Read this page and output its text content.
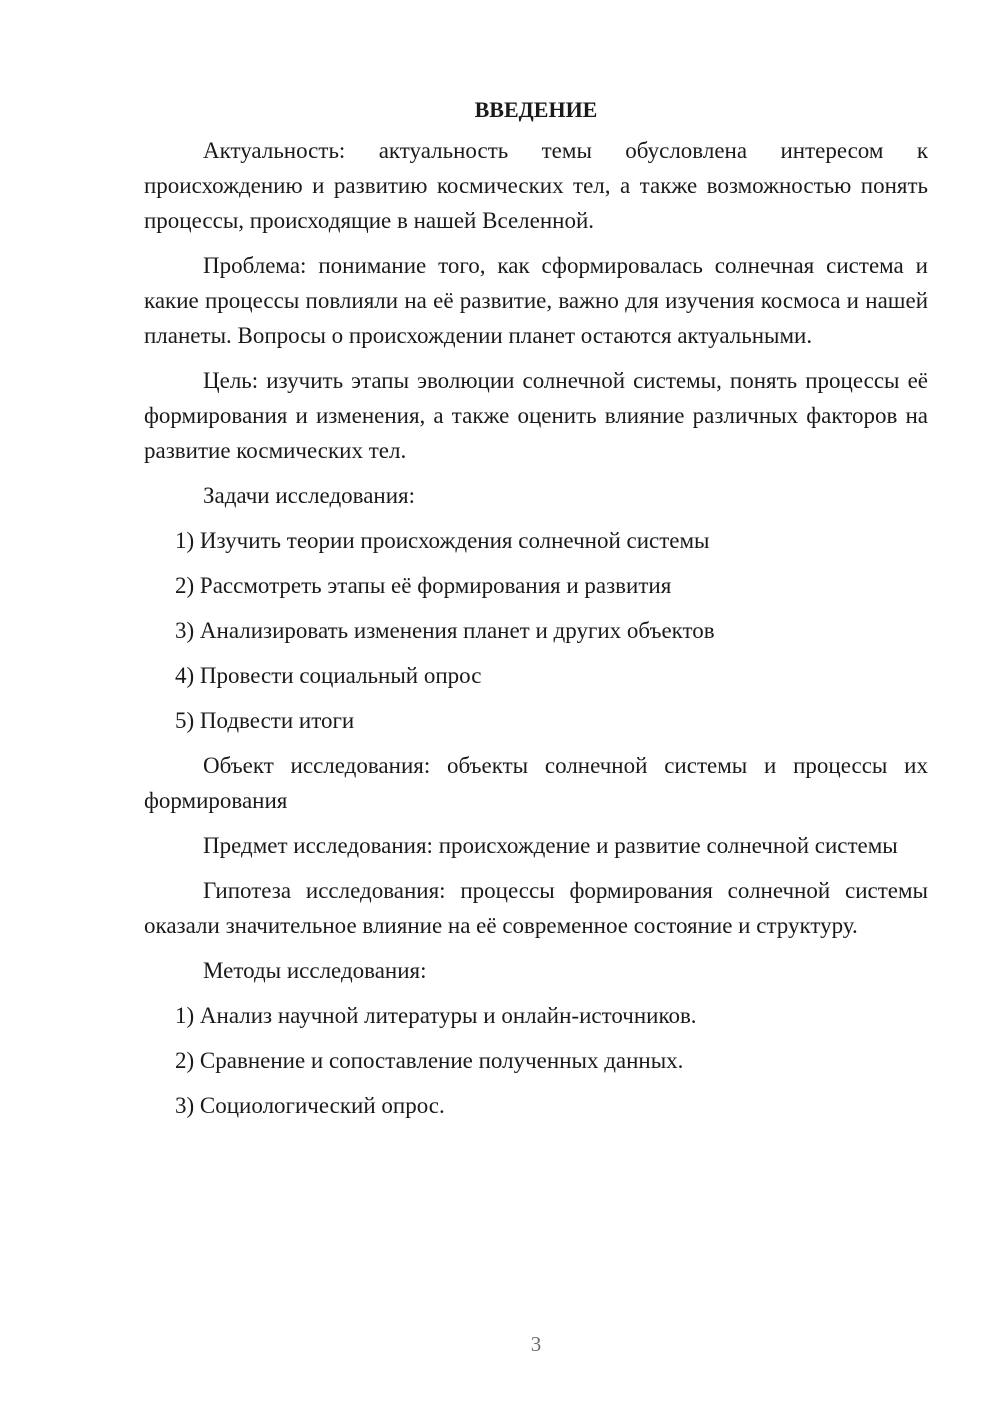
ВВЕДЕНИЕ

Актуальность: актуальность темы обусловлена интересом к происхождению и развитию космических тел, а также возможностью понять процессы, происходящие в нашей Вселенной.

Проблема: понимание того, как сформировалась солнечная система и какие процессы повлияли на её развитие, важно для изучения космоса и нашей планеты. Вопросы о происхождении планет остаются актуальными.

Цель: изучить этапы эволюции солнечной системы, понять процессы её формирования и изменения, а также оценить влияние различных факторов на развитие космических тел.

Задачи исследования:

1) Изучить теории происхождения солнечной системы

2) Рассмотреть этапы её формирования и развития

3) Анализировать изменения планет и других объектов

4) Провести социальный опрос

5) Подвести итоги

Объект исследования: объекты солнечной системы и процессы их формирования

Предмет исследования: происхождение и развитие солнечной системы

Гипотеза исследования: процессы формирования солнечной системы оказали значительное влияние на её современное состояние и структуру.

Методы исследования:

1) Анализ научной литературы и онлайн-источников.

2) Сравнение и сопоставление полученных данных.

3) Социологический опрос.

3
